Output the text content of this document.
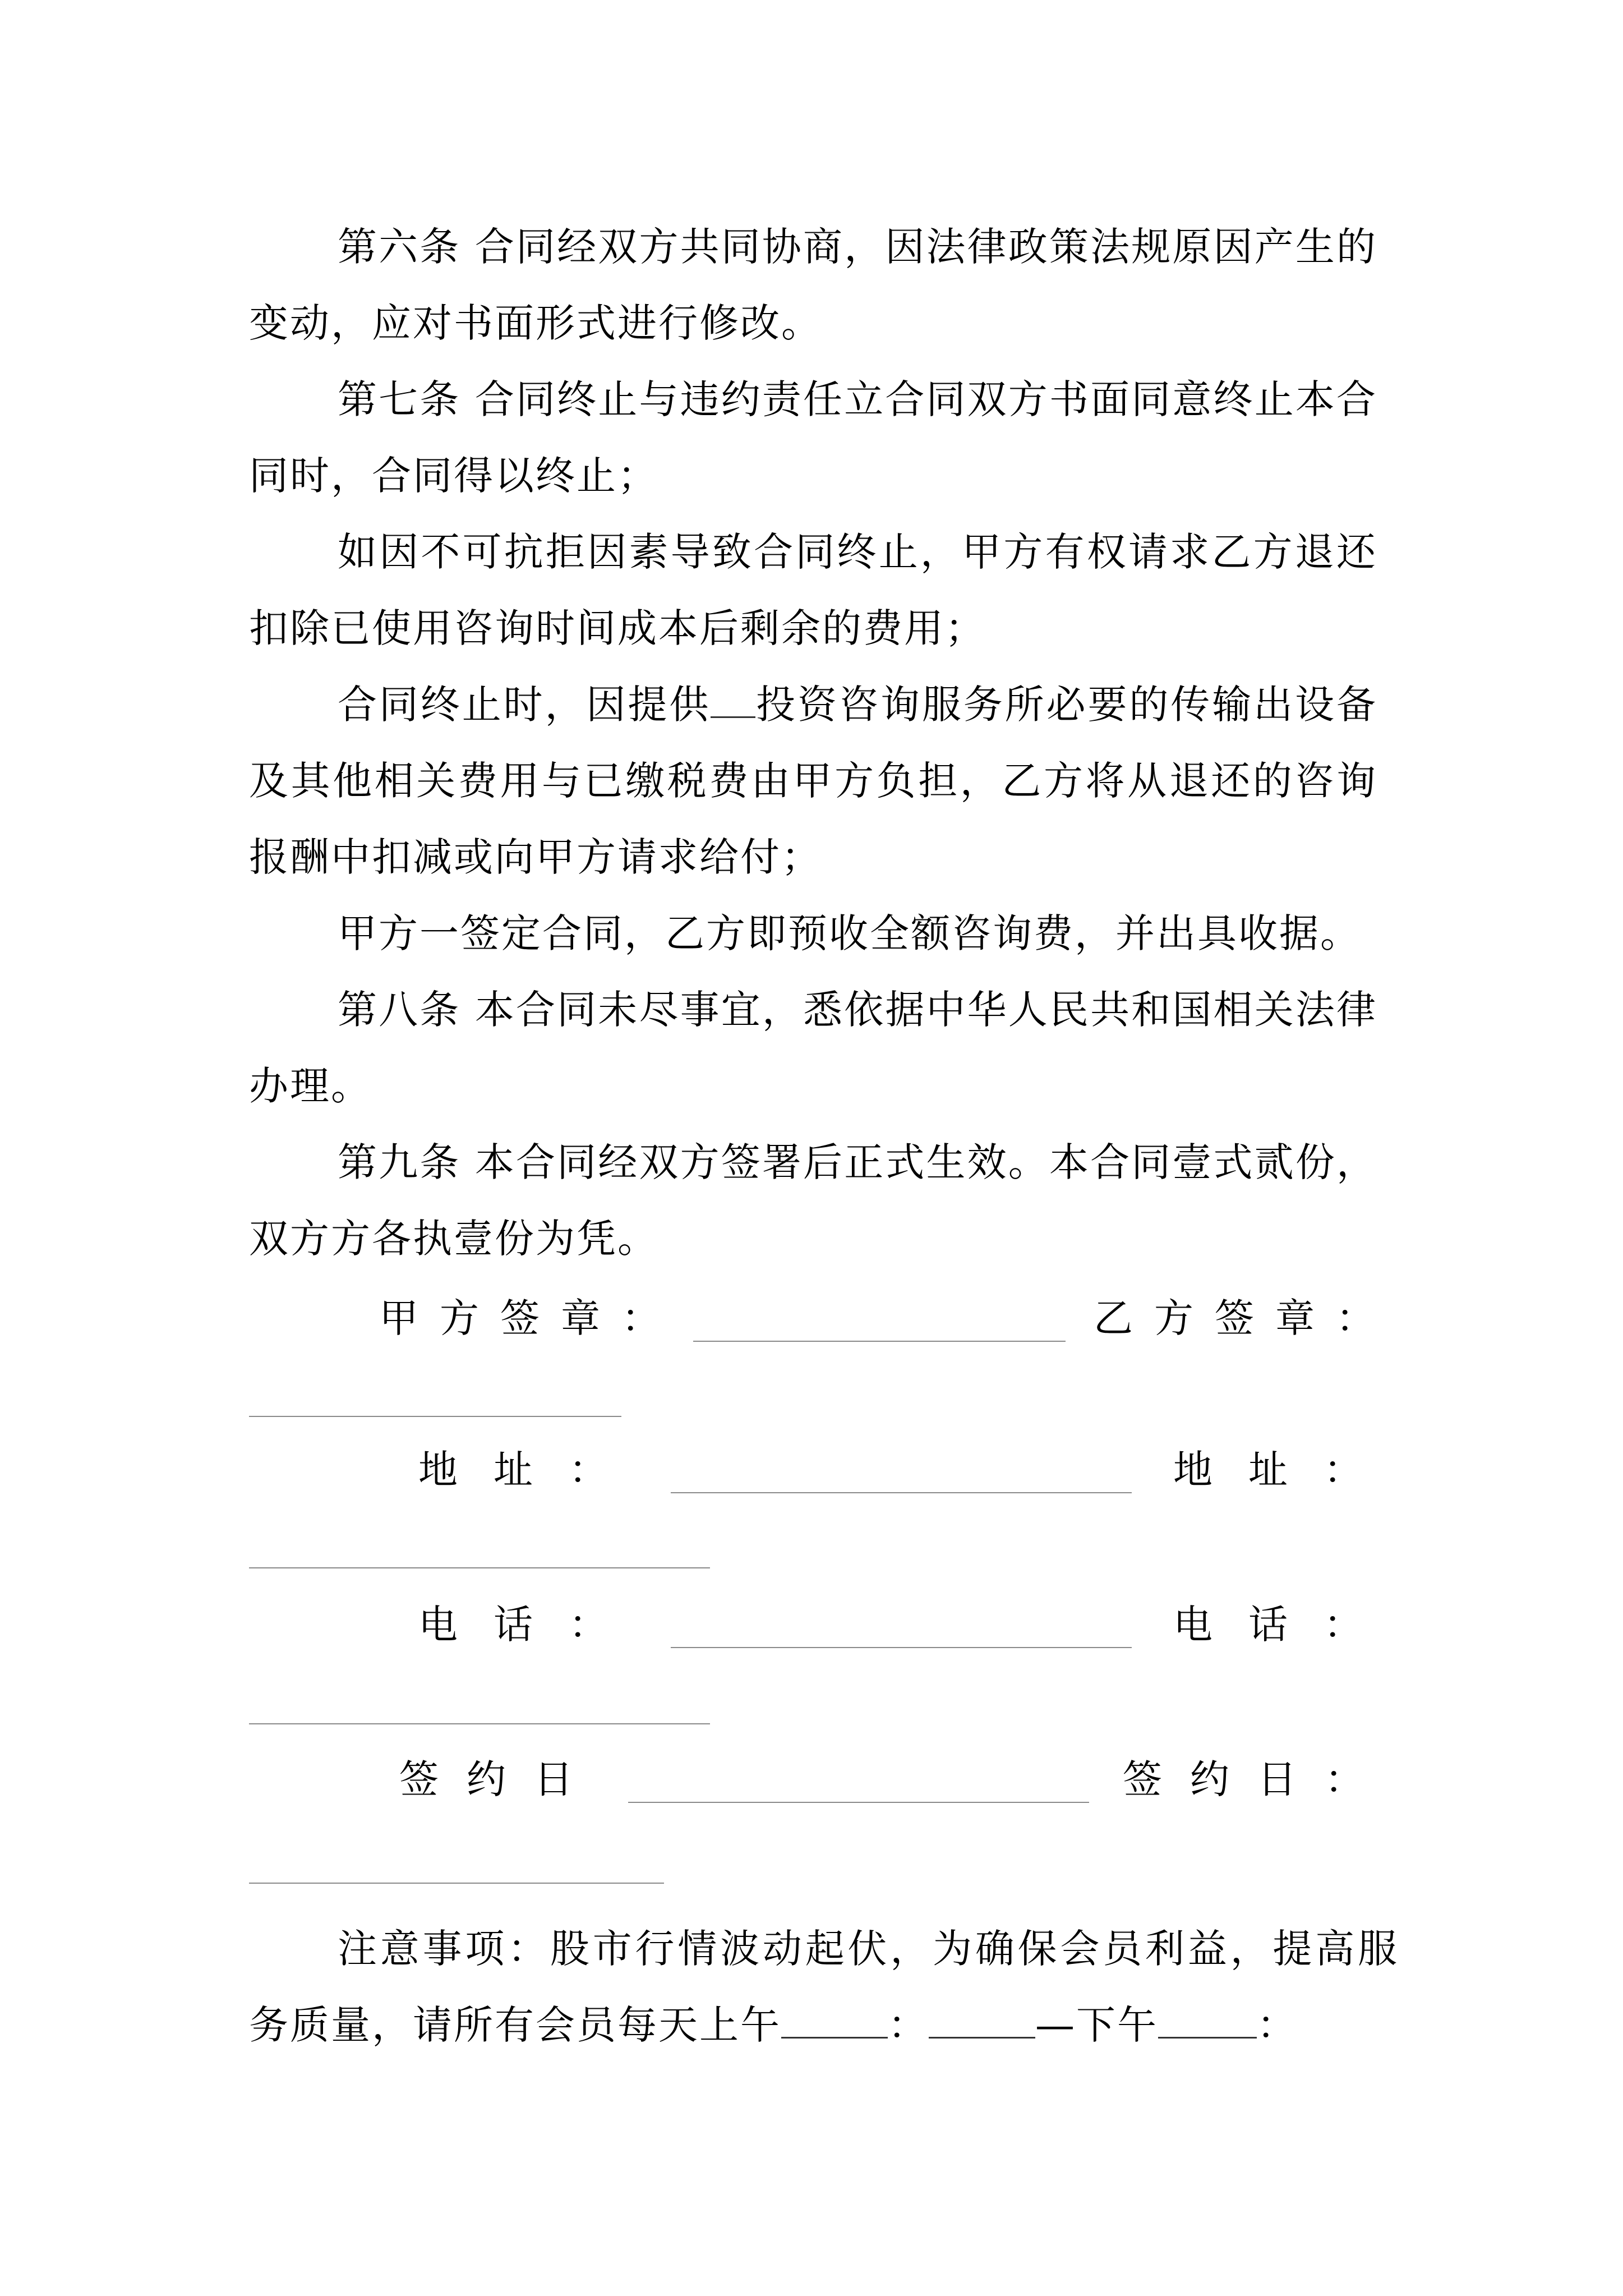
第六条 合同经双方共同协商，因法律政策法规原因产生的变动，应对书面形式进行修改。

第七条 合同终止与违约责任立合同双方书面同意终止本合同时，合同得以终止；

如因不可抗拒因素导致合同终止，甲方有权请求乙方退还扣除已使用咨询时间成本后剩余的费用；

合同终止时，因提供 投资咨询服务所必要的传输出设备及其他相关费用与已缴税费由甲方负担，乙方将从退还的咨询报酬中扣减或向甲方请求给付；

甲方一签定合同，乙方即预收全额咨询费，并出具收据。

第八条 本合同未尽事宜，悉依据中华人民共和国相关法律办理。

第九条 本合同经双方签署后正式生效。本合同壹式贰份，双方方各执壹份为凭。

甲方签章：	乙方签章：
地址：	地址：
电话：	电话：
签约日	签约日：

注意事项：股市行情波动起伏，为确保会员利益，提高服务质量，请所有会员每天上午	：	—下午	：
